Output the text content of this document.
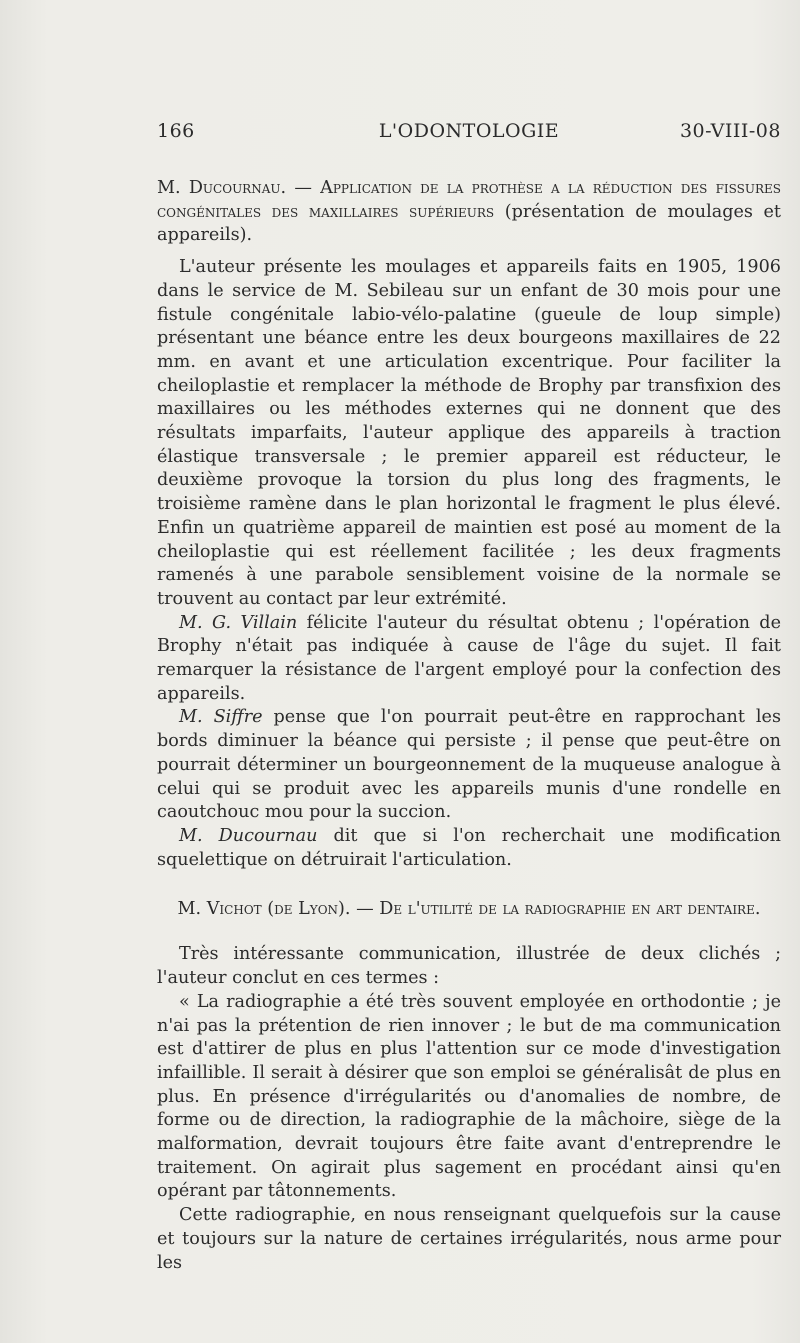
166	L'ODONTOLOGIE	30-VIII-08

M. Ducournau. — Application de la prothèse a la réduction des fissures congénitales des maxillaires supérieurs (présentation de moulages et appareils).

L'auteur présente les moulages et appareils faits en 1905, 1906 dans le service de M. Sebileau sur un enfant de 30 mois pour une fistule congénitale labio-vélo-palatine (gueule de loup simple) présentant une béance entre les deux bourgeons maxillaires de 22 mm. en avant et une articulation excentrique. Pour faciliter la cheiloplastie et remplacer la méthode de Brophy par transfixion des maxillaires ou les méthodes externes qui ne donnent que des résultats imparfaits, l'auteur applique des appareils à traction élastique transversale ; le premier appareil est réducteur, le deuxième provoque la torsion du plus long des fragments, le troisième ramène dans le plan horizontal le fragment le plus élevé. Enfin un quatrième appareil de maintien est posé au moment de la cheiloplastie qui est réellement facilitée ; les deux fragments ramenés à une parabole sensiblement voisine de la normale se trouvent au contact par leur extrémité.

M. G. Villain félicite l'auteur du résultat obtenu ; l'opération de Brophy n'était pas indiquée à cause de l'âge du sujet. Il fait remarquer la résistance de l'argent employé pour la confection des appareils.

M. Siffre pense que l'on pourrait peut-être en rapprochant les bords diminuer la béance qui persiste ; il pense que peut-être on pourrait déterminer un bourgeonnement de la muqueuse analogue à celui qui se produit avec les appareils munis d'une rondelle en caoutchouc mou pour la succion.

M. Ducournau dit que si l'on recherchait une modification squelettique on détruirait l'articulation.

M. Vichot (de Lyon). — De l'utilité de la radiographie en art dentaire.

Très intéressante communication, illustrée de deux clichés ; l'auteur conclut en ces termes :

« La radiographie a été très souvent employée en orthodontie ; je n'ai pas la prétention de rien innover ; le but de ma communication est d'attirer de plus en plus l'attention sur ce mode d'investigation infaillible. Il serait à désirer que son emploi se généralisât de plus en plus. En présence d'irrégularités ou d'anomalies de nombre, de forme ou de direction, la radiographie de la mâchoire, siège de la malformation, devrait toujours être faite avant d'entreprendre le traitement. On agirait plus sagement en procédant ainsi qu'en opérant par tâtonnements.

Cette radiographie, en nous renseignant quelquefois sur la cause et toujours sur la nature de certaines irrégularités, nous arme pour les
